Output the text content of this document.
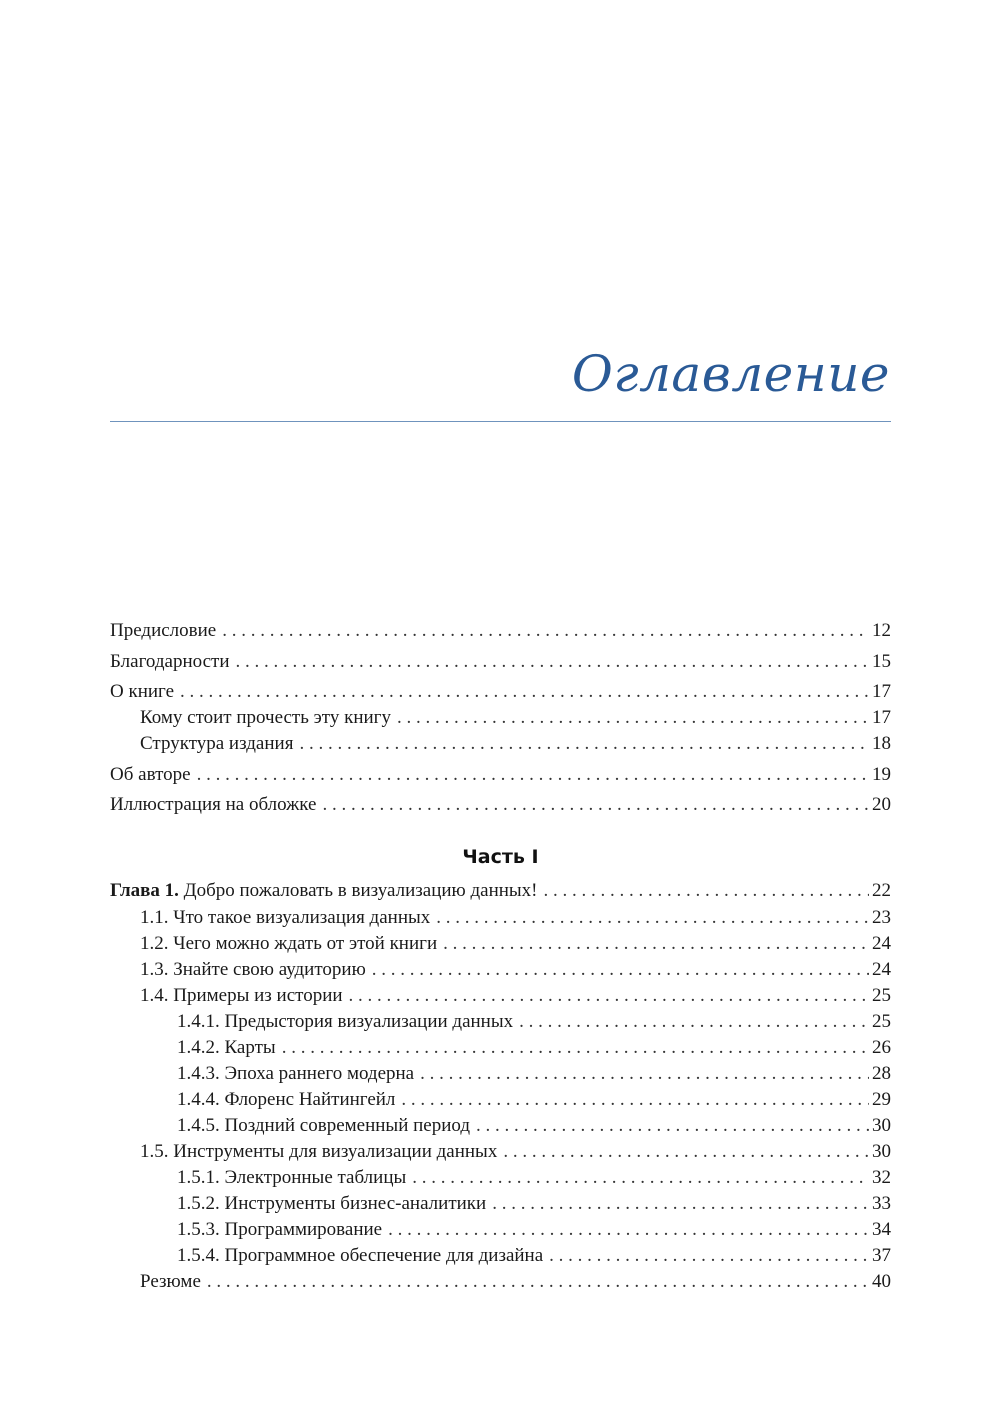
Оглавление
Предисловие . . .	12
Благодарности . . .	15
О книге . . .	17
Кому стоит прочесть эту книгу . . .	17
Структура издания . . .	18
Об авторе . . .	19
Иллюстрация на обложке . . .	20
Часть I
Глава 1. Добро пожаловать в визуализацию данных! . . .	22
1.1. Что такое визуализация данных . . .	23
1.2. Чего можно ждать от этой книги . . .	24
1.3. Знайте свою аудиторию . . .	24
1.4. Примеры из истории . . .	25
1.4.1. Предыстория визуализации данных . . .	25
1.4.2. Карты . . .	26
1.4.3. Эпоха раннего модерна . . .	28
1.4.4. Флоренс Найтингейл . . .	29
1.4.5. Поздний современный период . . .	30
1.5. Инструменты для визуализации данных . . .	30
1.5.1. Электронные таблицы . . .	32
1.5.2. Инструменты бизнес-аналитики . . .	33
1.5.3. Программирование . . .	34
1.5.4. Программное обеспечение для дизайна . . .	37
Резюме . . .	40
